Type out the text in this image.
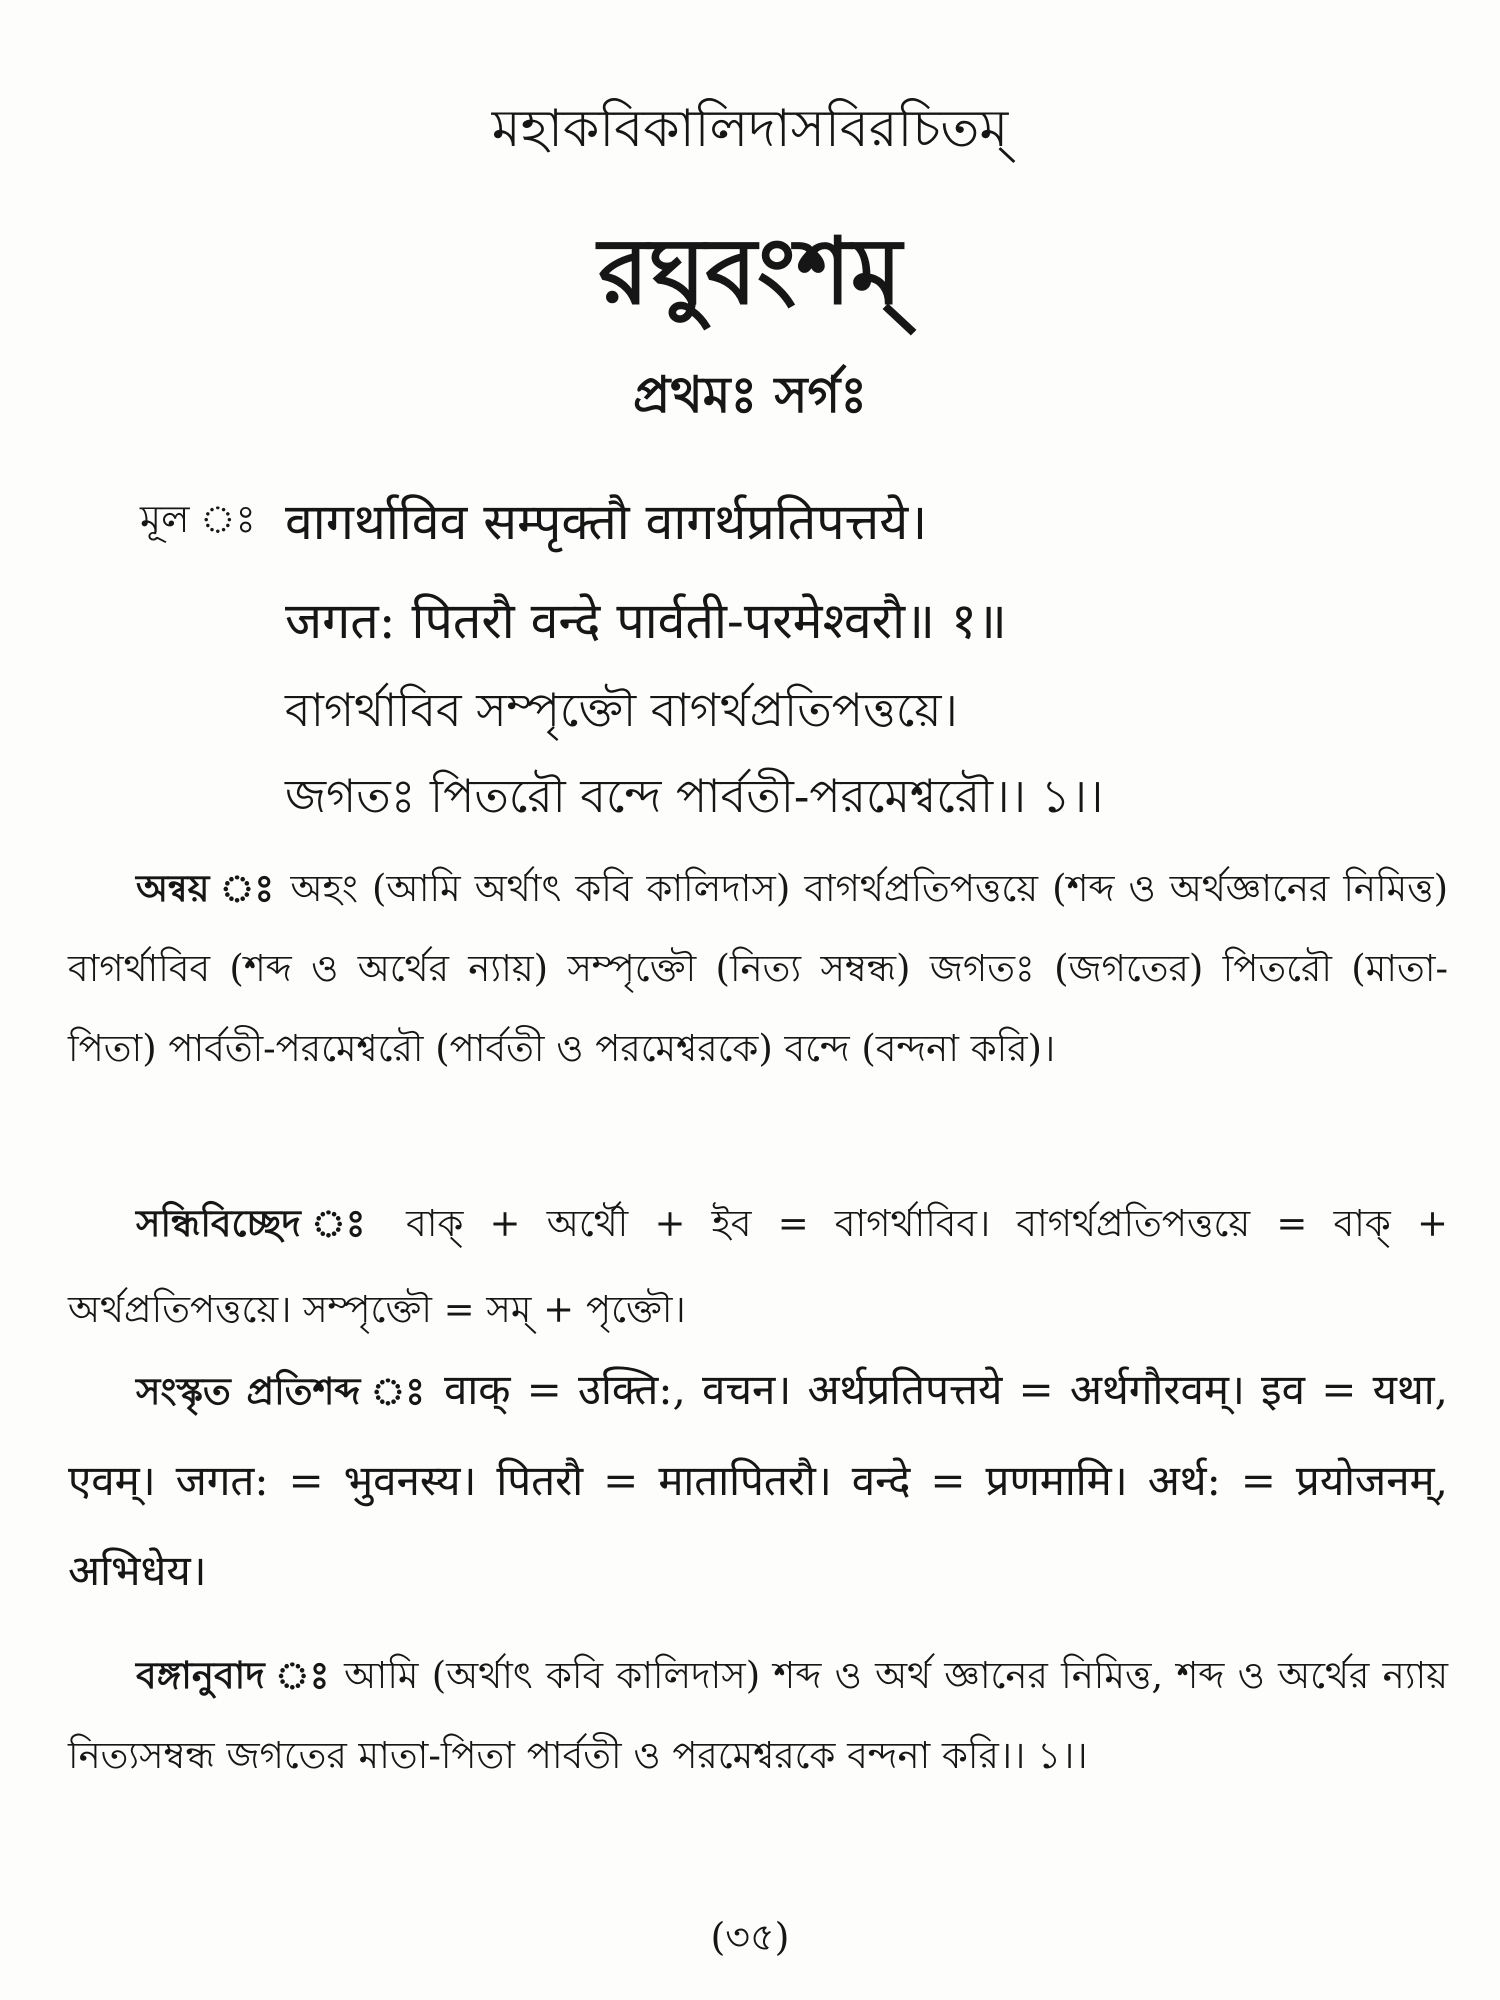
মহাকবিকালিদাসবিরচিতম্
রঘুবংশম্
প্রথমঃ সর্গঃ
মূল ঃ वागर्थाविव सम्पृक्तौ वागर्थप्रतिपत्तये।
जगत: पितरौ वन्दे पार्वती-परमेश्वरौ॥ १॥
বাগর্থাবিব সম্পৃক্তৌ বাগর্থপ্রতিপত্তয়ে।
জগতঃ পিতরৌ বন্দে পার্বতী-পরমেশ্বরৌ।। ১।।

অন্বয় ঃ অহং (আমি অর্থাৎ কবি কালিদাস) বাগর্থপ্রতিপত্তয়ে (শব্দ ও অর্থজ্ঞানের নিমিত্ত) বাগর্থাবিব (শব্দ ও অর্থের ন্যায়) সম্পৃক্তৌ (নিত্য সম্বন্ধ) জগতঃ (জগতের) পিতরৌ (মাতা-পিতা) পার্বতী-পরমেশ্বরৌ (পার্বতী ও পরমেশ্বরকে) বন্দে (বন্দনা করি)।

সন্ধিবিচ্ছেদ ঃ বাক্ + অর্থৌ + ইব = বাগর্থাবিব। বাগর্থপ্রতিপত্তয়ে = বাক্ + অর্থপ্রতিপত্তয়ে। সম্পৃক্তৌ = সম্ + পৃক্তৌ।

সংস্কৃত প্রতিশব্দ ঃ वाक् = उक्ति:, वचन। अर्थप्रतिपत्तये = अर्थगौरवम्। इव = यथा, एवम्। जगत: = भुवनस्य। पितरौ = मातापितरौ। वन्दे = प्रणमामि। अर्थ: = प्रयोजनम्, अभिधेय।

বঙ্গানুবাদ ঃ আমি (অর্থাৎ কবি কালিদাস) শব্দ ও অর্থ জ্ঞানের নিমিত্ত, শব্দ ও অর্থের ন্যায় নিত্যসম্বন্ধ জগতের মাতা-পিতা পার্বতী ও পরমেশ্বরকে বন্দনা করি।। ১।।

(৩৫)
